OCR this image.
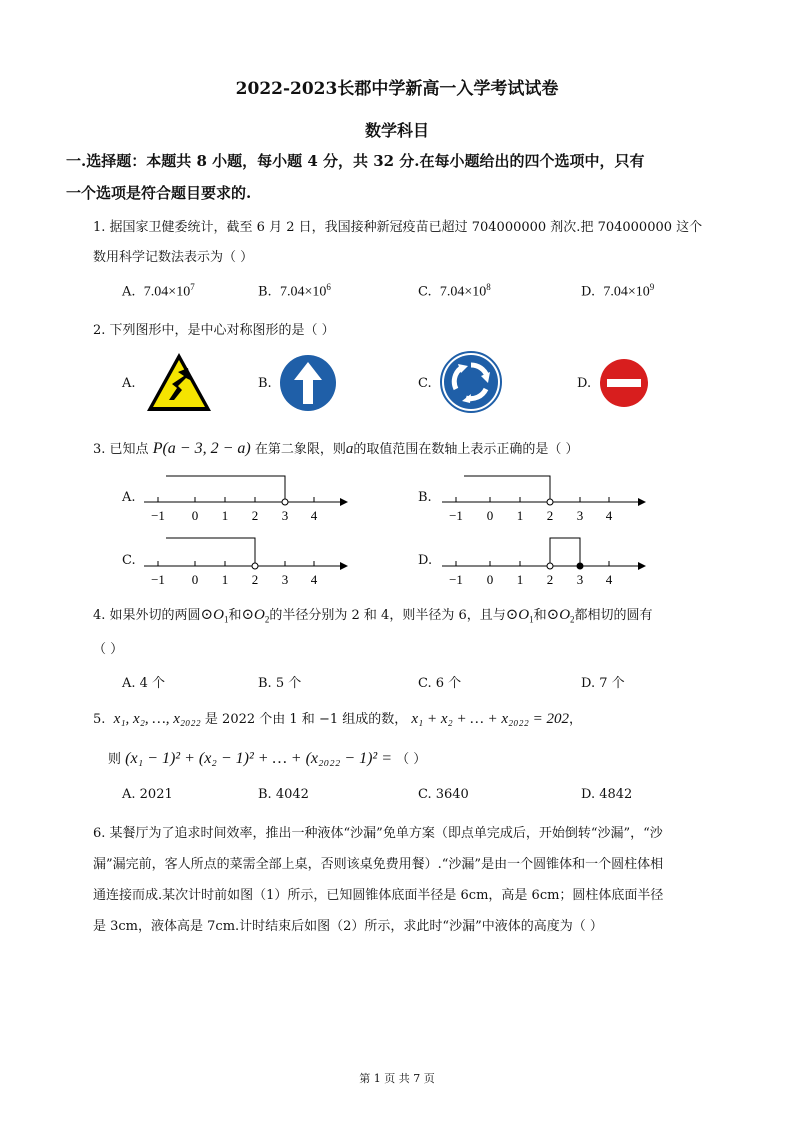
2022-2023长郡中学新高一入学考试试卷
数学科目
一.选择题：本题共 8 小题，每小题 4 分，共 32 分.在每小题给出的四个选项中，只有
一个选项是符合题目要求的.
1. 据国家卫健委统计，截至 6 月 2 日，我国接种新冠疫苗已超过 704000000 剂次.把 704000000 这个
数用科学记数法表示为（ ）
A. $7.04\times 10^7$	B. $7.04\times 10^6$	C. $7.04\times 10^8$	D. $7.04\times 10^9$
2. 下列图形中，是中心对称图形的是（ ）
A.	B.	C.	D.
3. 已知点 P(a − 3, 2 − a) 在第二象限，则a的取值范围在数轴上表示正确的是（ ）
A.
−1 0 1 2 3 4
B.
−1 0 1 2 3 4
C.
−1 0 1 2 3 4
D.
−1 0 1 2 3 4
4. 如果外切的两圆$⊙O_1$和$⊙O_2$的半径分别为 2 和 4，则半径为 6，且与$⊙O_1$和$⊙O_2$都相切的圆有
（ ）
A. 4 个	B. 5 个	C. 6 个	D. 7 个
5. x₁, x₂, …, x₂₀₂₂ 是 2022 个由 1 和 −1 组成的数， x₁ + x₂ + … + x₂₀₂₂ = 202，
则 (x₁ − 1)² + (x₂ − 1)² + … + (x₂₀₂₂ − 1)² = （ ）
A. 2021	B. 4042	C. 3640	D. 4842
6. 某餐厅为了追求时间效率，推出一种液体“沙漏”免单方案（即点单完成后，开始倒转“沙漏”，“沙
漏”漏完前，客人所点的菜需全部上桌，否则该桌免费用餐）.“沙漏”是由一个圆锥体和一个圆柱体相
通连接而成.某次计时前如图（1）所示，已知圆锥体底面半径是 6cm，高是 6cm；圆柱体底面半径
是 3cm，液体高是 7cm.计时结束后如图（2）所示，求此时“沙漏”中液体的高度为（ ）
第 1 页 共 7 页
